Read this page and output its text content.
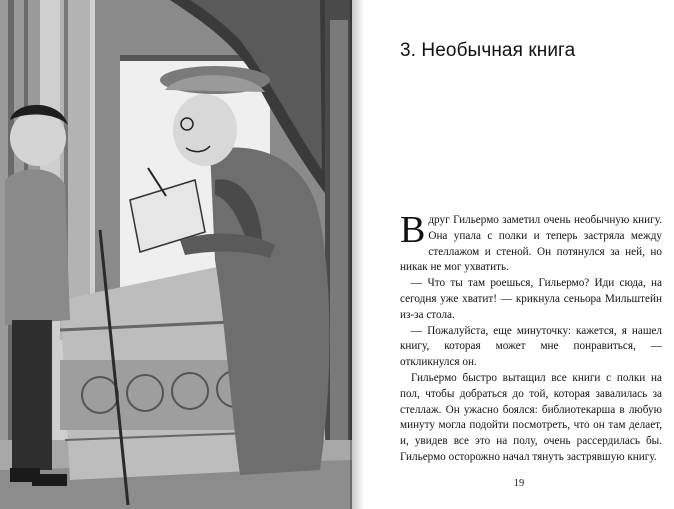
3. Необычная книга

Вдруг Гильермо заметил очень необычную книгу. Она упала с полки и теперь застряла между стеллажом и стеной. Он потянулся за ней, но никак не мог ухватить.

— Что ты там роешься, Гильермо? Иди сюда, на сегодня уже хватит! — крикнула сеньора Мильштейн из-за стола.

— Пожалуйста, еще минуточку: кажется, я нашел книгу, которая может мне понравиться, — откликнулся он.

Гильермо быстро вытащил все книги с полки на пол, чтобы добраться до той, которая завалилась за стеллаж. Он ужасно боялся: библиотекарша в любую минуту могла подойти посмотреть, что он там делает, и, увидев все это на полу, очень рассердилась бы. Гильермо осторожно начал тянуть застрявшую книгу.

19
